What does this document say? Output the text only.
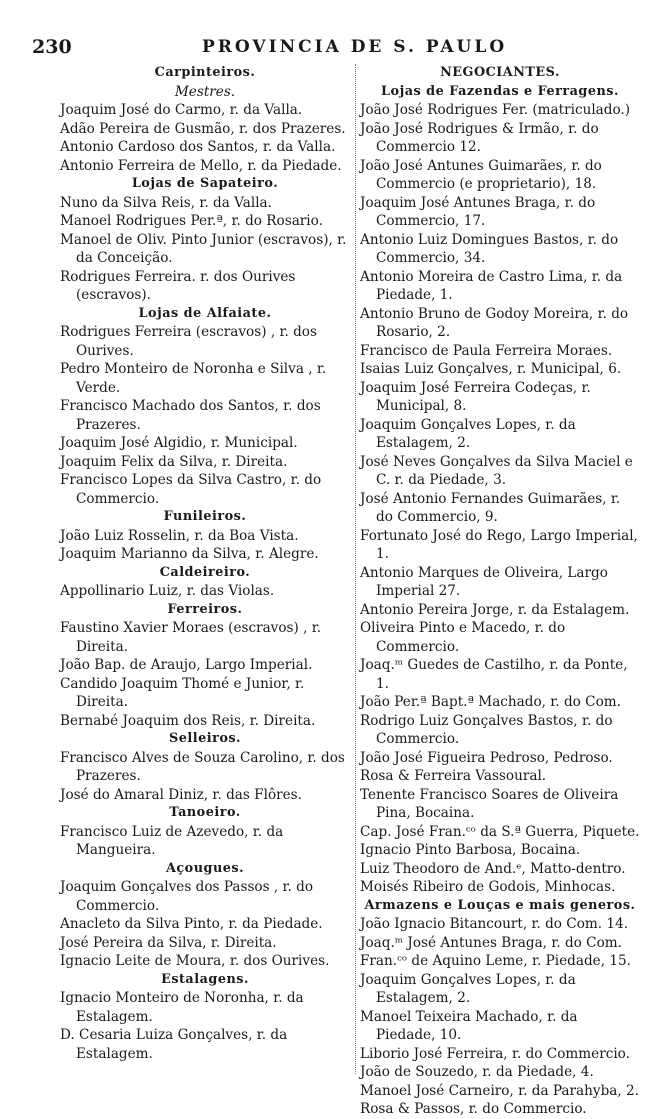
230	PROVINCIA DE S. PAULO
Carpinteiros.
Mestres.
Joaquim José do Carmo, r. da Valla.
Adão Pereira de Gusmão, r. dos Prazeres.
Antonio Cardoso dos Santos, r. da Valla.
Antonio Ferreira de Mello, r. da Piedade.
Lojas de Sapateiro.
Nuno da Silva Reis, r. da Valla.
Manoel Rodrigues Per.ª, r. do Rosario.
Manoel de Oliv. Pinto Junior (escravos), r. da Conceição.
Rodrigues Ferreira. r. dos Ourives (escravos).
Lojas de Alfaiate.
Rodrigues Ferreira (escravos) , r. dos Ourives.
Pedro Monteiro de Noronha e Silva , r. Verde.
Francisco Machado dos Santos, r. dos Prazeres.
Joaquim José Algidio, r. Municipal.
Joaquim Felix da Silva, r. Direita.
Francisco Lopes da Silva Castro, r. do Commercio.
Funileiros.
João Luiz Rosselin, r. da Boa Vista.
Joaquim Marianno da Silva, r. Alegre.
Caldeireiro.
Appollinario Luiz, r. das Violas.
Ferreiros.
Faustino Xavier Moraes (escravos) , r. Direita.
João Bap. de Araujo, Largo Imperial.
Candido Joaquim Thomé e Junior, r. Direita.
Bernabé Joaquim dos Reis, r. Direita.
Selleiros.
Francisco Alves de Souza Carolino, r. dos Prazeres.
José do Amaral Diniz, r. das Flôres.
Tanoeiro.
Francisco Luiz de Azevedo, r. da Mangueira.
Açougues.
Joaquim Gonçalves dos Passos , r. do Commercio.
Anacleto da Silva Pinto, r. da Piedade.
José Pereira da Silva, r. Direita.
Ignacio Leite de Moura, r. dos Ourives.
Estalagens.
Ignacio Monteiro de Noronha, r. da Estalagem.
D. Cesaria Luiza Gonçalves, r. da Estalagem.
NEGOCIANTES.
Lojas de Fazendas e Ferragens.
João José Rodrigues Fer. (matriculado.)
João José Rodrigues & Irmão, r. do Commercio 12.
João José Antunes Guimarães, r. do Commercio (e proprietario), 18.
Joaquim José Antunes Braga, r. do Commercio, 17.
Antonio Luiz Domingues Bastos, r. do Commercio, 34.
Antonio Moreira de Castro Lima, r. da Piedade, 1.
Antonio Bruno de Godoy Moreira, r. do Rosario, 2.
Francisco de Paula Ferreira Moraes.
Isaias Luiz Gonçalves, r. Municipal, 6.
Joaquim José Ferreira Codeças, r. Municipal, 8.
Joaquim Gonçalves Lopes, r. da Estalagem, 2.
José Neves Gonçalves da Silva Maciel e C. r. da Piedade, 3.
José Antonio Fernandes Guimarães, r. do Commercio, 9.
Fortunato José do Rego, Largo Imperial, 1.
Antonio Marques de Oliveira, Largo Imperial 27.
Antonio Pereira Jorge, r. da Estalagem.
Oliveira Pinto e Macedo, r. do Commercio.
Joaq.ᵐ Guedes de Castilho, r. da Ponte, 1.
João Per.ª Bapt.ª Machado, r. do Com.
Rodrigo Luiz Gonçalves Bastos, r. do Commercio.
João José Figueira Pedroso, Pedroso.
Rosa & Ferreira Vassoural.
Tenente Francisco Soares de Oliveira Pina, Bocaina.
Cap. José Fran.ᶜᵒ da S.ª Guerra, Piquete.
Ignacio Pinto Barbosa, Bocaina.
Luiz Theodoro de And.ᵉ, Matto-dentro.
Moisés Ribeiro de Godois, Minhocas.
Armazens e Louças e mais generos.
João Ignacio Bitancourt, r. do Com. 14.
Joaq.ᵐ José Antunes Braga, r. do Com.
Fran.ᶜᵒ de Aquino Leme, r. Piedade, 15.
Joaquim Gonçalves Lopes, r. da Estalagem, 2.
Manoel Teixeira Machado, r. da Piedade, 10.
Liborio José Ferreira, r. do Commercio.
João de Souzedo, r. da Piedade, 4.
Manoel José Carneiro, r. da Parahyba, 2.
Rosa & Passos, r. do Commercio.
